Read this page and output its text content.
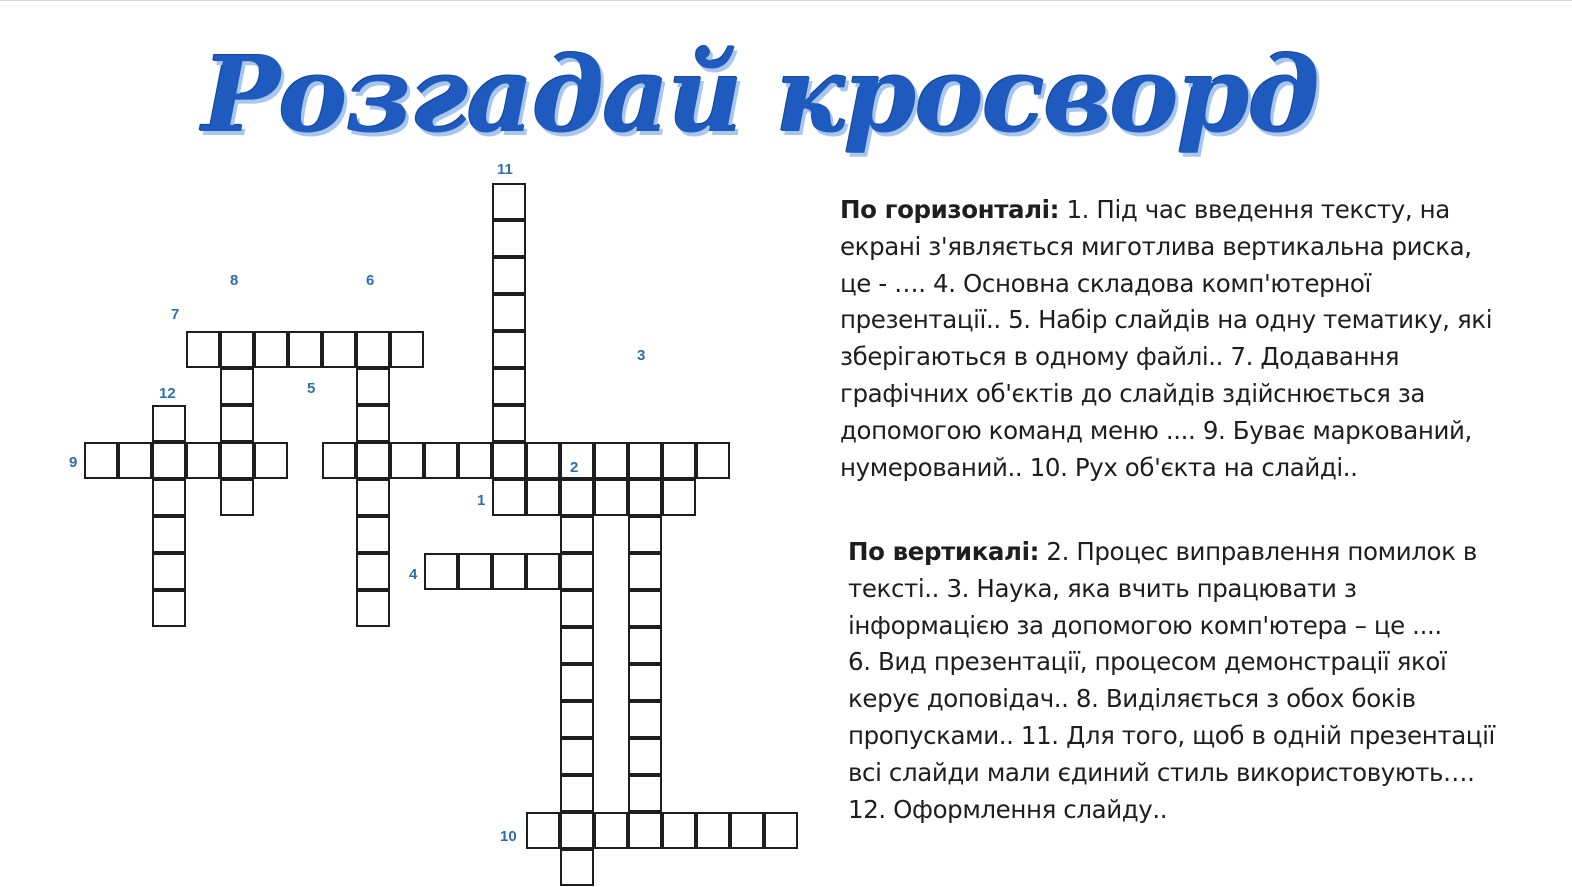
Розгадай кросворд
11
8	6
7
3
5
12
9	2
1
4
10
По горизонталі: 1. Під час введення тексту, на
екрані з'являється миготлива вертикальна риска,
це - …. 4. Основна складова комп'ютерної
презентації.. 5. Набір слайдів на одну тематику, які
зберігаються в одному файлі.. 7. Додавання
графічних об'єктів до слайдів здійснюється за
допомогою команд меню .... 9. Буває маркований,
нумерований.. 10. Рух об'єкта на слайді..
По вертикалі: 2. Процес виправлення помилок в
тексті.. 3. Наука, яка вчить працювати з
інформацією за допомогою комп'ютера – це ....
6. Вид презентації, процесом демонстрації якої
керує доповідач.. 8. Виділяється з обох боків
пропусками.. 11. Для того, щоб в одній презентації
всі слайди мали єдиний стиль використовують….
12. Оформлення слайду..
